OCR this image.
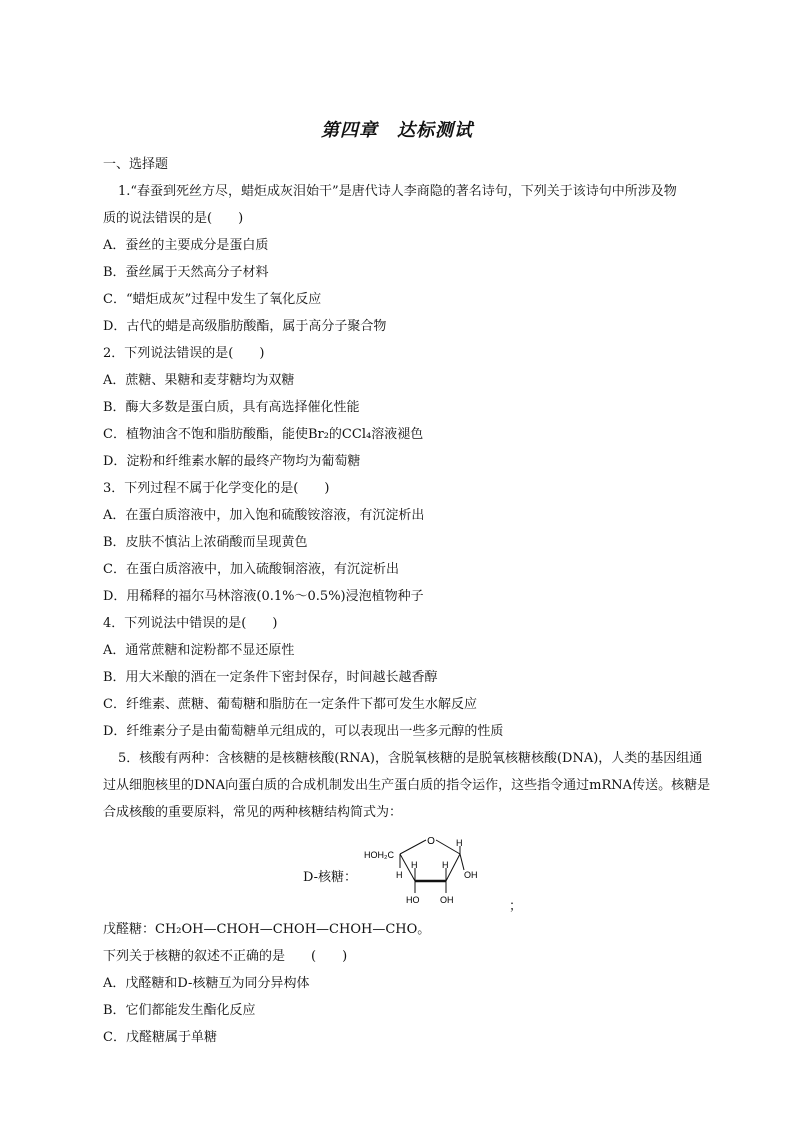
第四章　达标测试
一、选择题
1.“春蚕到死丝方尽，蜡炬成灰泪始干”是唐代诗人李商隐的著名诗句，下列关于该诗句中所涉及物
质的说法错误的是(　　)
A．蚕丝的主要成分是蛋白质
B．蚕丝属于天然高分子材料
C．“蜡炬成灰”过程中发生了氧化反应
D．古代的蜡是高级脂肪酸酯，属于高分子聚合物
2．下列说法错误的是(　　)
A．蔗糖、果糖和麦芽糖均为双糖
B．酶大多数是蛋白质，具有高选择催化性能
C．植物油含不饱和脂肪酸酯，能使Br₂的CCl₄溶液褪色
D．淀粉和纤维素水解的最终产物均为葡萄糖
3．下列过程不属于化学变化的是(　　)
A．在蛋白质溶液中，加入饱和硫酸铵溶液，有沉淀析出
B．皮肤不慎沾上浓硝酸而呈现黄色
C．在蛋白质溶液中，加入硫酸铜溶液，有沉淀析出
D．用稀释的福尔马林溶液(0.1%～0.5%)浸泡植物种子
4．下列说法中错误的是(　　)
A．通常蔗糖和淀粉都不显还原性
B．用大米酿的酒在一定条件下密封保存，时间越长越香醇
C．纤维素、蔗糖、葡萄糖和脂肪在一定条件下都可发生水解反应
D．纤维素分子是由葡萄糖单元组成的，可以表现出一些多元醇的性质
5．核酸有两种：含核糖的是核糖核酸(RNA)，含脱氧核糖的是脱氧核糖核酸(DNA)，人类的基因组通
过从细胞核里的DNA向蛋白质的合成机制发出生产蛋白质的指令运作，这些指令通过mRNA传送。核糖是
合成核酸的重要原料，常见的两种核糖结构简式为：
D-核糖：
O
HOH₂C
H
H
OH
H	H
HO OH	；
戊醛糖：CH₂OH—CHOH—CHOH—CHOH—CHO。
下列关于核糖的叙述不正确的是　　(　　)
A．戊醛糖和D-核糖互为同分异构体
B．它们都能发生酯化反应
C．戊醛糖属于单糖
